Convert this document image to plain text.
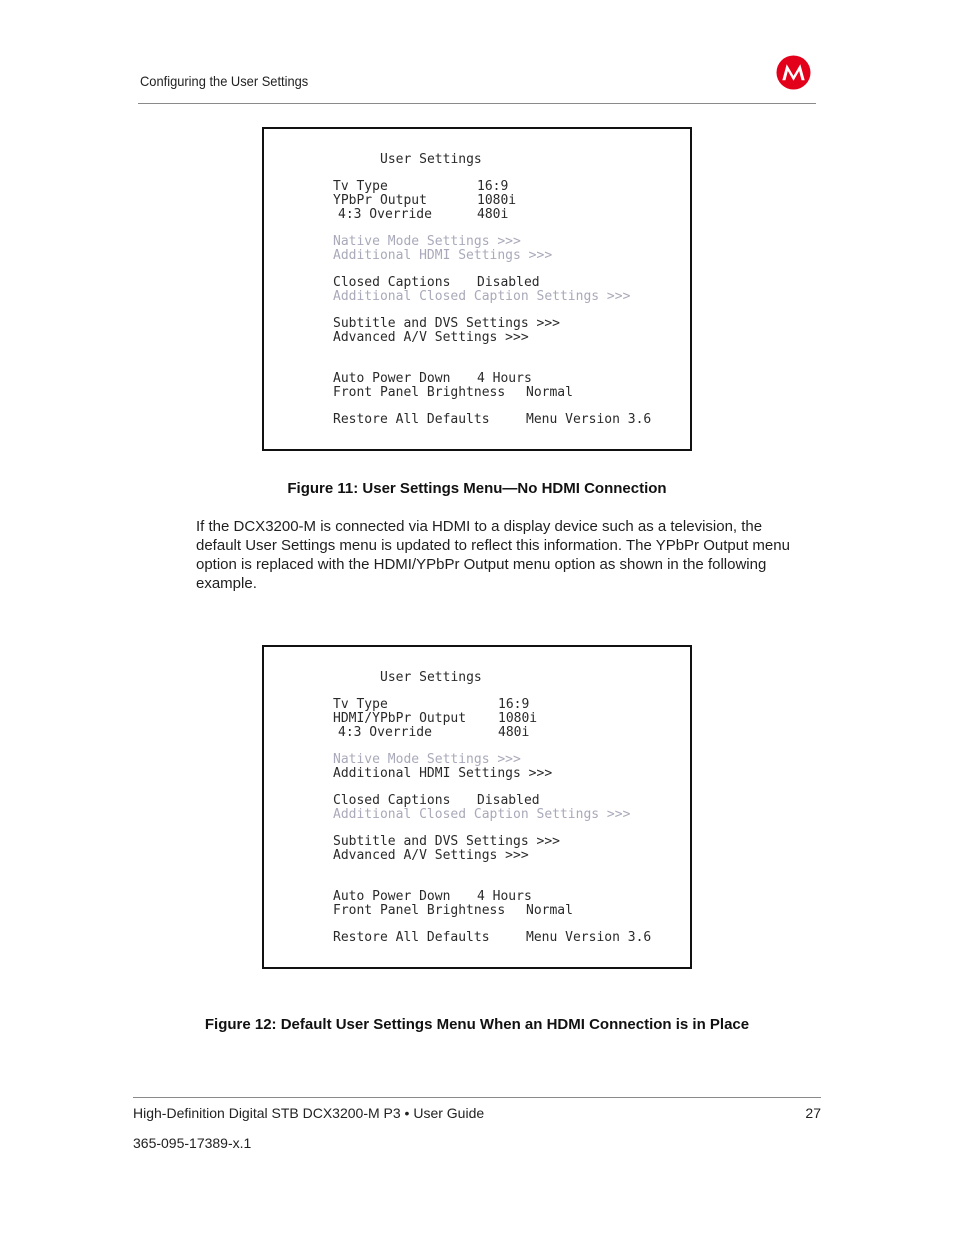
Configuring the User Settings
User Settings
Tv Type	16:9
YPbPr Output	1080i
4:3 Override	480i
Native Mode Settings >>>
Additional HDMI Settings >>>
Closed Captions Disabled
Additional Closed Caption Settings >>>
Subtitle and DVS Settings >>>
Advanced A/V Settings >>>
Auto Power Down 4 Hours
Front Panel Brightness Normal
Restore All Defaults	Menu Version 3.6
Figure 11: User Settings Menu—No HDMI Connection
If the DCX3200-M is connected via HDMI to a display device such as a television, the default User Settings menu is updated to reflect this information. The YPbPr Output menu option is replaced with the HDMI/YPbPr Output menu option as shown in the following example.
User Settings
Tv Type	16:9
HDMI/YPbPr Output 1080i
4:3 Override	480i
Native Mode Settings >>>
Additional HDMI Settings >>>
Closed Captions Disabled
Additional Closed Caption Settings >>>
Subtitle and DVS Settings >>>
Advanced A/V Settings >>>
Auto Power Down 4 Hours
Front Panel Brightness Normal
Restore All Defaults	Menu Version 3.6
Figure 12: Default User Settings Menu When an HDMI Connection is in Place
High-Definition Digital STB DCX3200-M P3 • User Guide	27
365-095-17389-x.1
